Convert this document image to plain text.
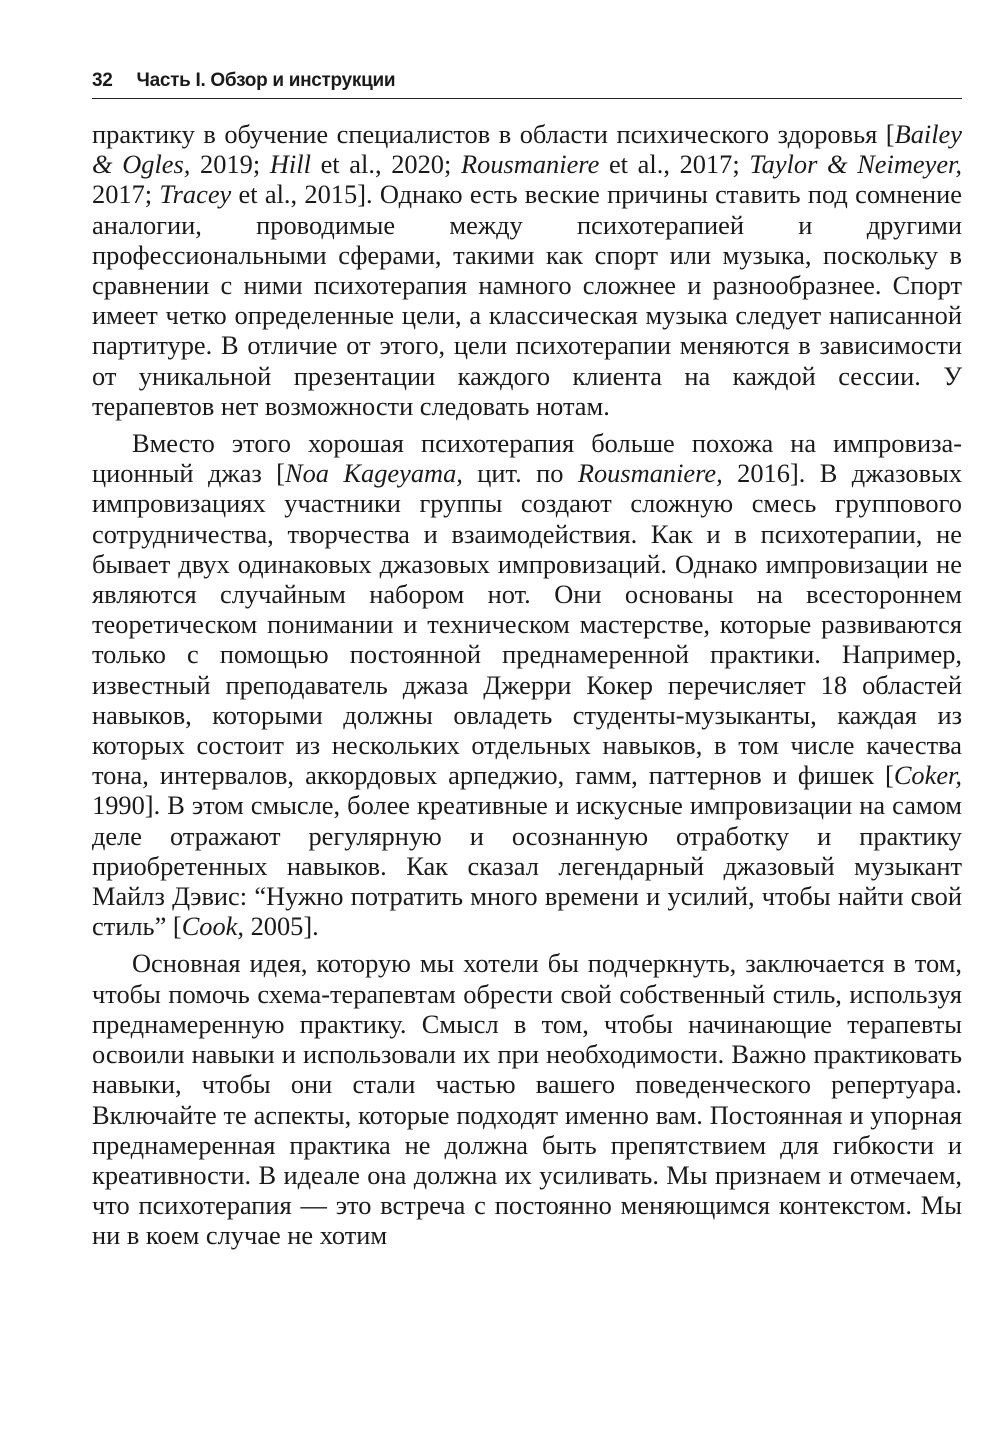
32 Часть I. Обзор и инструкции

практику в обучение специалистов в области психического здоровья [Bailey & Ogles, 2019; Hill et al., 2020; Rousmaniere et al., 2017; Taylor & Neimeyer, 2017; Tracey et al., 2015]. Однако есть веские причины ставить под сомнение аналогии, проводимые между психотерапией и другими профессиональными сферами, такими как спорт или музыка, поскольку в сравнении с ними психотерапия намного сложнее и разнообразнее. Спорт имеет четко определенные цели, а классическая музыка следует написанной партитуре. В отличие от этого, цели психотерапии меняются в зависимости от уникальной презентации каждого клиента на каждой сессии. У терапевтов нет возможности следовать нотам.

Вместо этого хорошая психотерапия больше похожа на импровизационный джаз [Noa Kageyama, цит. по Rousmaniere, 2016]. В джазовых импровизациях участники группы создают сложную смесь группового сотрудничества, творчества и взаимодействия. Как и в психотерапии, не бывает двух одинаковых джазовых импровизаций. Однако импровизации не являются случайным набором нот. Они основаны на всестороннем теоретическом понимании и техническом мастерстве, которые развиваются только с помощью постоянной преднамеренной практики. Например, известный преподаватель джаза Джерри Кокер перечисляет 18 областей навыков, которыми должны овладеть студенты-музыканты, каждая из которых состоит из нескольких отдельных навыков, в том числе качества тона, интервалов, аккордовых арпеджио, гамм, паттернов и фишек [Coker, 1990]. В этом смысле, более креативные и искусные импровизации на самом деле отражают регулярную и осознанную отработку и практику приобретенных навыков. Как сказал легендарный джазовый музыкант Майлз Дэвис: “Нужно потратить много времени и усилий, чтобы найти свой стиль” [Cook, 2005].

Основная идея, которую мы хотели бы подчеркнуть, заключается в том, чтобы помочь схема-терапевтам обрести свой собственный стиль, используя преднамеренную практику. Смысл в том, чтобы начинающие терапевты освоили навыки и использовали их при необходимости. Важно практиковать навыки, чтобы они стали частью вашего поведенческого репертуара. Включайте те аспекты, которые подходят именно вам. Постоянная и упорная преднамеренная практика не должна быть препятствием для гибкости и креативности. В идеале она должна их усиливать. Мы признаем и отмечаем, что психотерапия — это встреча с постоянно меняющимся контекстом. Мы ни в коем случае не хотим
